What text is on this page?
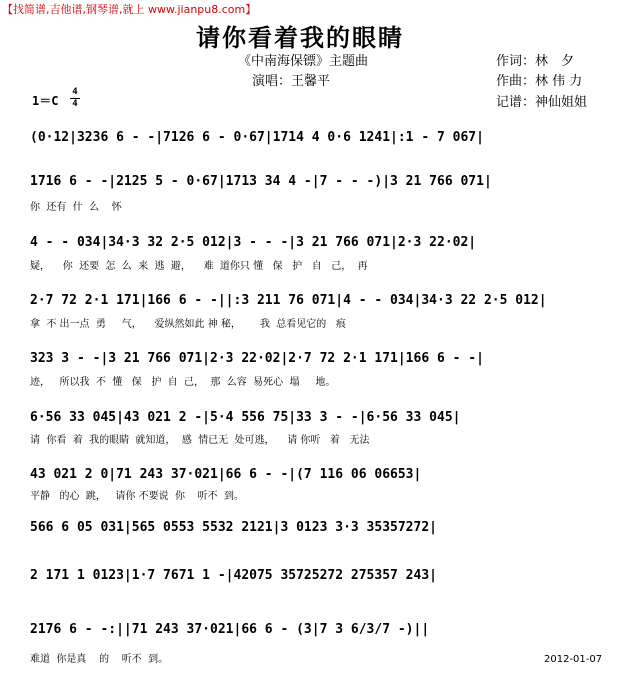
【找简谱,吉他谱,钢琴谱,就上 www.jianpu8.com】
请你看着我的眼睛
《中南海保镖》主题曲
演唱：王馨平
作词：林　夕
作曲：林 伟 力
记谱：神仙姐姐
1＝C
4
4
(0·12|3236 6 - -|7126 6 - 0·67|1714 4 0·6 1241|:1 - 7 067|
1716 6 - -|2125 5 - 0·67|1713 34 4 -|7 - - -)|3 21 766 071|
你  还有  什  么    怀
4 - - 034|34·3 32 2·5 012|3 - - -|3 21 766 071|2·3 22·02|
疑，    你  还要  怎  么  来  逃  避，    难  道你只 懂   保   护   自   己，  再
2·7 72 2·1 171|166 6 - -||:3 211 76 071|4 - - 034|34·3 22 2·5 012|
拿  不 出一点  勇     气，    爱纵然如此 神 秘，      我  总看见它的   痕
323 3 - -|3 21 766 071|2·3 22·02|2·7 72 2·1 171|166 6 - -|
迹，   所以我  不  懂   保   护  自  己，  那  么容  易死心  塌     地。
6·56 33 045|43 021 2 -|5·4 556 75|33 3 - -|6·56 33 045|
请  你看  着  我的眼睛  就知道，  感  情已无  处可逃，    请 你听   着   无法
43 021 2 0|71 243 37·021|66 6 - -|(7 116 06 06653|
平静   的心  跳，   请你 不要说  你    听不  到。
566 6 05 031|565 0553 5532 2121|3 0123 3·3 35357272|
2 171 1 0123|1·7 7671 1 -|42075 35725272 275357 243|
2176 6 - -:||71 243 37·021|66 6 - (3|7 3 6/3/7 -)||
难道  你是真    的    听不  到。	2012-01-07
